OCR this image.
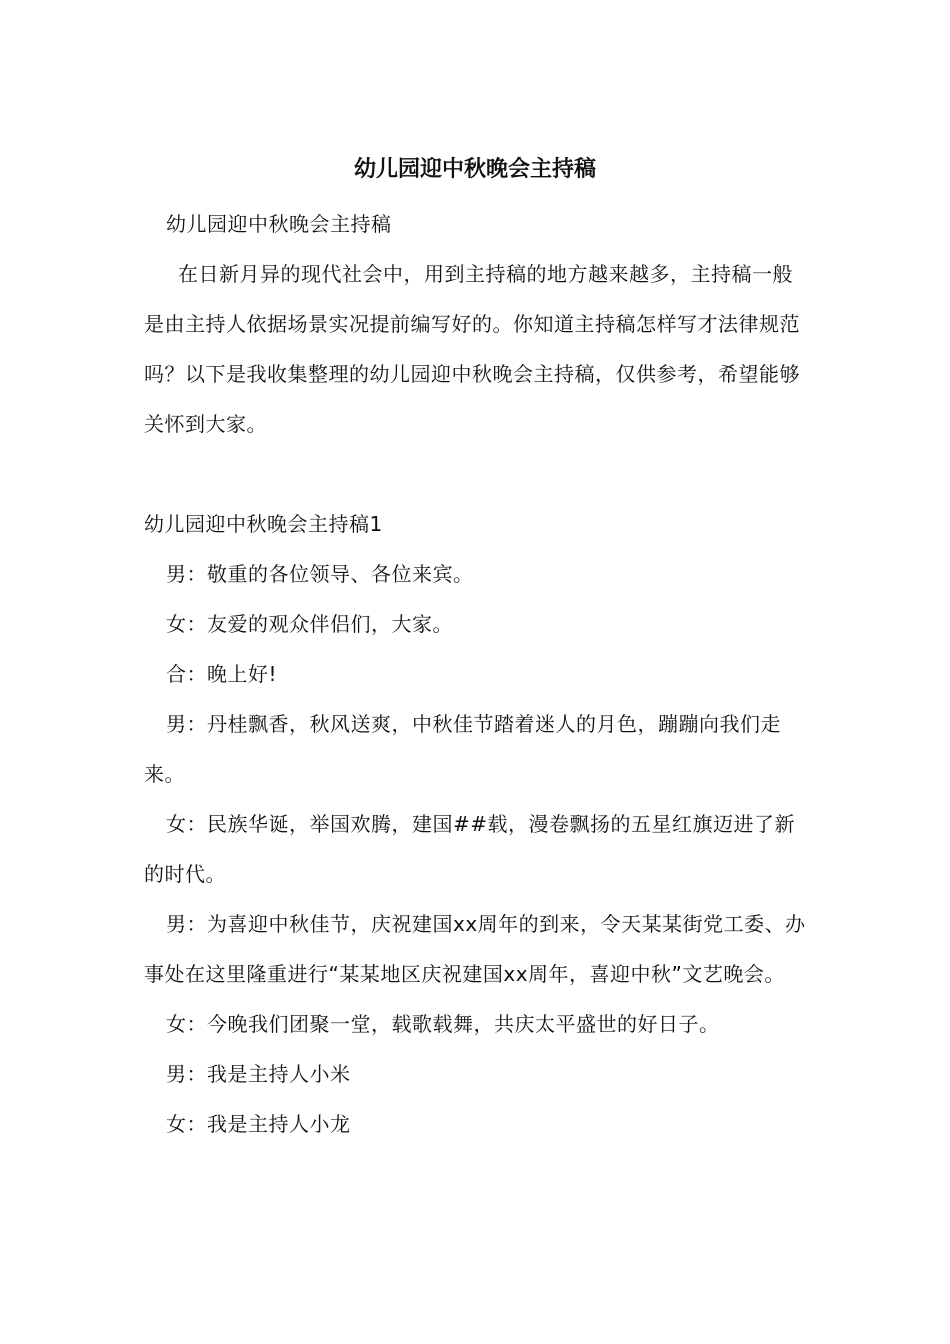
幼儿园迎中秋晚会主持稿

幼儿园迎中秋晚会主持稿

在日新月异的现代社会中，用到主持稿的地方越来越多，主持稿一般是由主持人依据场景实况提前编写好的。你知道主持稿怎样写才法律规范吗？以下是我收集整理的幼儿园迎中秋晚会主持稿，仅供参考，希望能够关怀到大家。

幼儿园迎中秋晚会主持稿1

男：敬重的各位领导、各位来宾。

女：友爱的观众伴侣们，大家。

合：晚上好!

男：丹桂飘香，秋风送爽，中秋佳节踏着迷人的月色，蹦蹦向我们走来。

女：民族华诞，举国欢腾，建国##载，漫卷飘扬的五星红旗迈进了新的时代。

男：为喜迎中秋佳节，庆祝建国xx周年的到来，令天某某街党工委、办事处在这里隆重进行“某某地区庆祝建国xx周年，喜迎中秋”文艺晚会。

女：今晚我们团聚一堂，载歌载舞，共庆太平盛世的好日子。

男：我是主持人小米

女：我是主持人小龙
